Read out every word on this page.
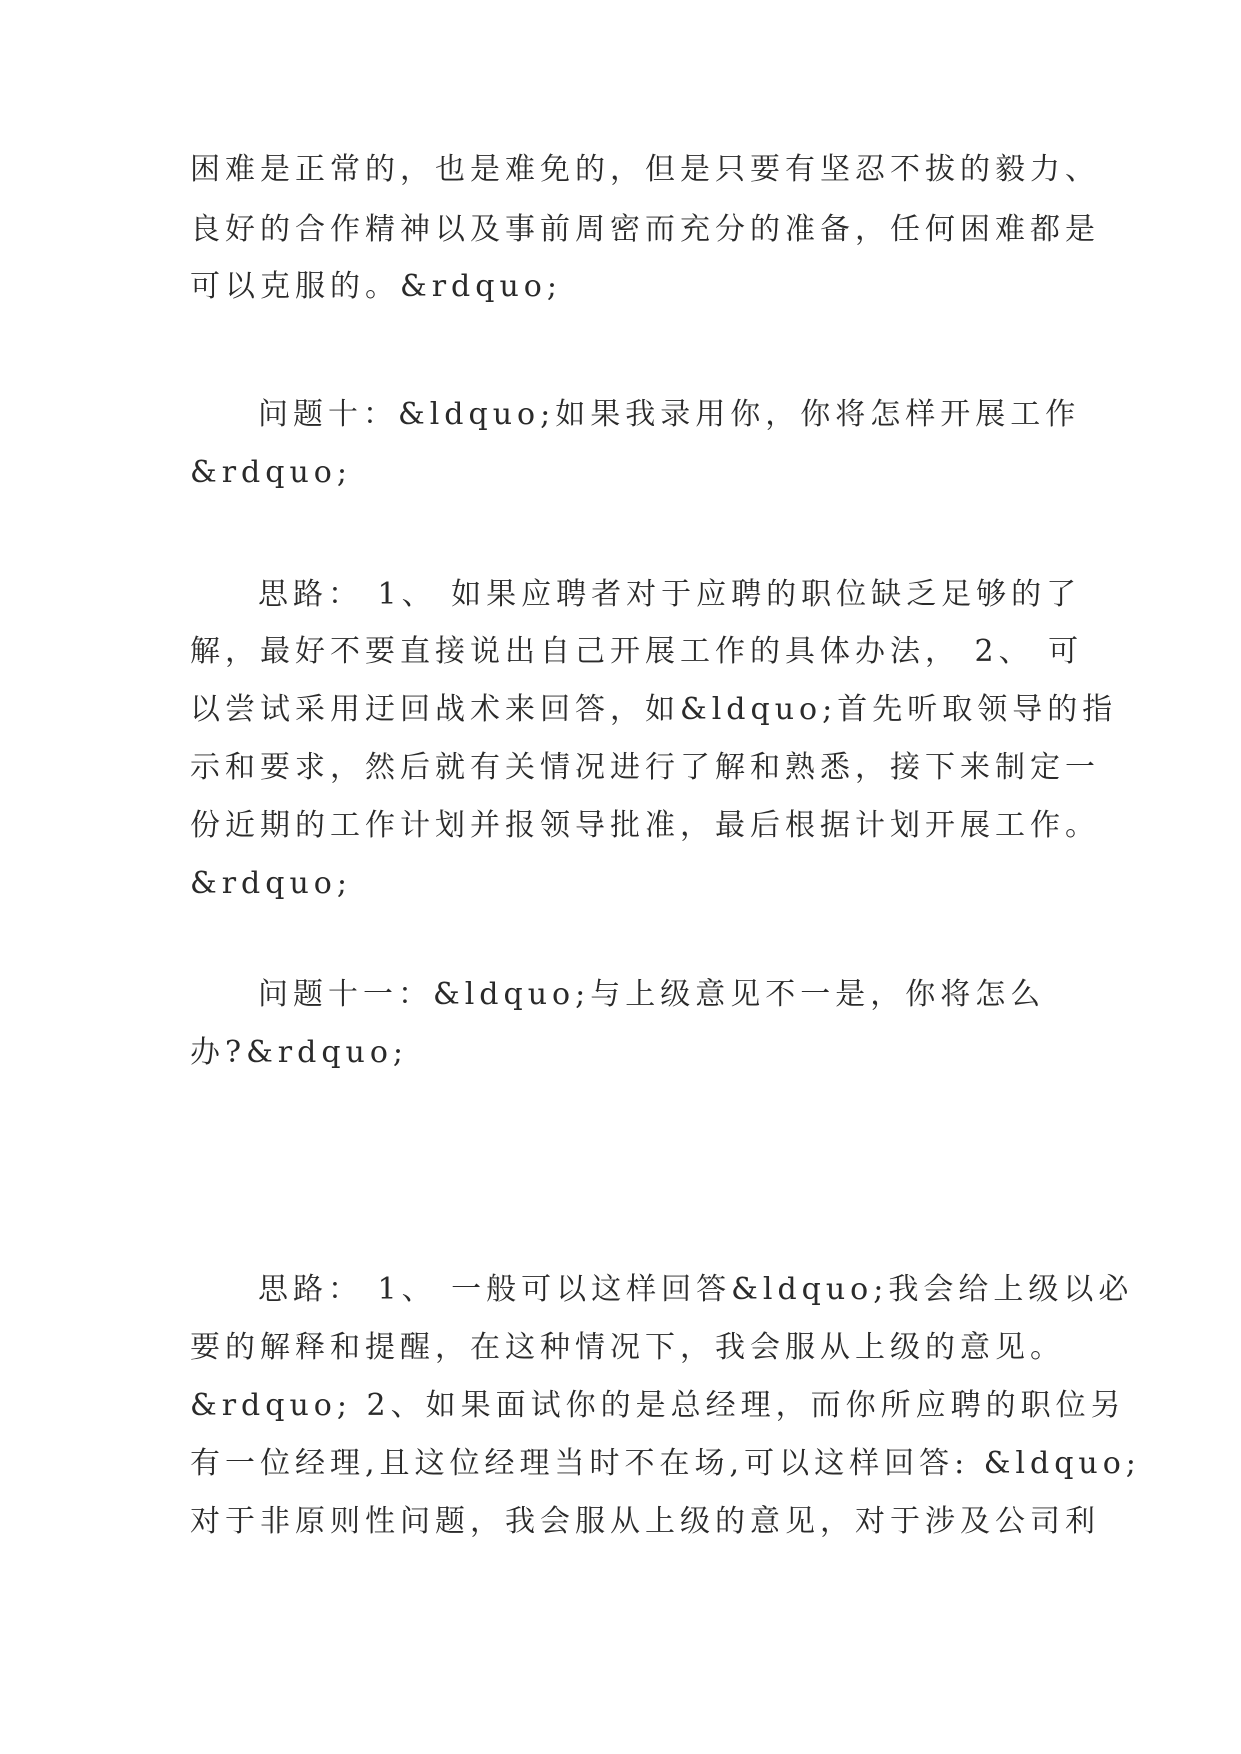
困难是正常的，也是难免的，但是只要有坚忍不拔的毅力、

良好的合作精神以及事前周密而充分的准备，任何困难都是

可以克服的。&rdquo;

问题十：&ldquo;如果我录用你，你将怎样开展工作

&rdquo;

思路： 1、 如果应聘者对于应聘的职位缺乏足够的了

解，最好不要直接说出自己开展工作的具体办法， 2、 可

以尝试采用迂回战术来回答，如&ldquo;首先听取领导的指

示和要求，然后就有关情况进行了解和熟悉，接下来制定一

份近期的工作计划并报领导批准，最后根据计划开展工作。

&rdquo;

问题十一：&ldquo;与上级意见不一是，你将怎么

办?&rdquo;

思路： 1、 一般可以这样回答&ldquo;我会给上级以必

要的解释和提醒，在这种情况下，我会服从上级的意见。

&rdquo; 2、如果面试你的是总经理，而你所应聘的职位另

有一位经理,且这位经理当时不在场,可以这样回答: &ldquo;

对于非原则性问题，我会服从上级的意见，对于涉及公司利
